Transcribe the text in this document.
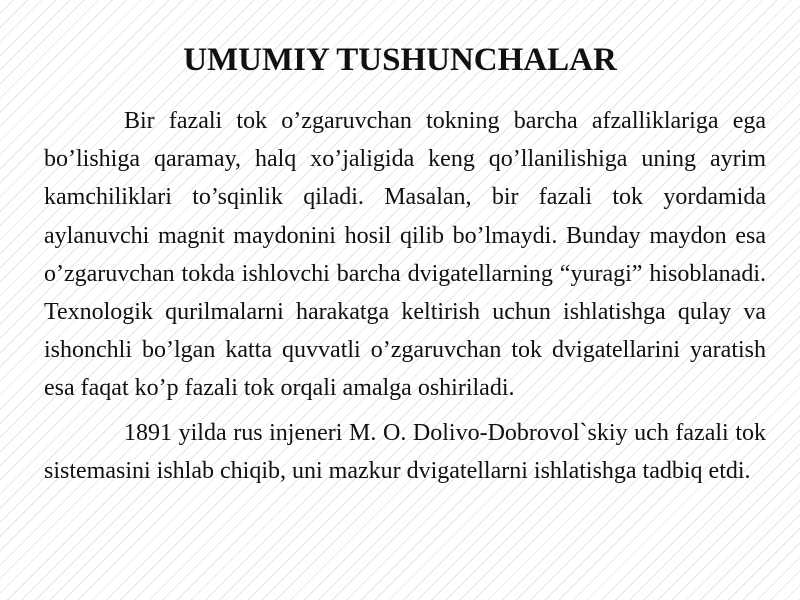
UMUMIY TUSHUNCHALAR

Bir fazali tok o’zgaruvchan tokning barcha afzalliklariga ega bo’lishiga qaramay, halq xo’jaligida keng qo’llanilishiga uning ayrim kamchiliklari to’sqinlik qiladi. Masalan, bir fazali tok yordamida aylanuvchi magnit maydonini hosil qilib bo’lmaydi. Bunday maydon esa o’zgaruvchan tokda ishlovchi barcha dvigatellarning “yuragi” hisoblanadi. Texnologik qurilmalarni harakatga keltirish uchun ishlatishga qulay va ishonchli bo’lgan katta quvvatli o’zgaruvchan tok dvigatellarini yaratish esa faqat ko’p fazali tok orqali amalga oshiriladi.

1891 yilda rus injeneri M. O. Dolivo-Dobrovol`skiy uch fazali tok sistemasini ishlab chiqib, uni mazkur dvigatellarni ishlatishga tadbiq etdi.
